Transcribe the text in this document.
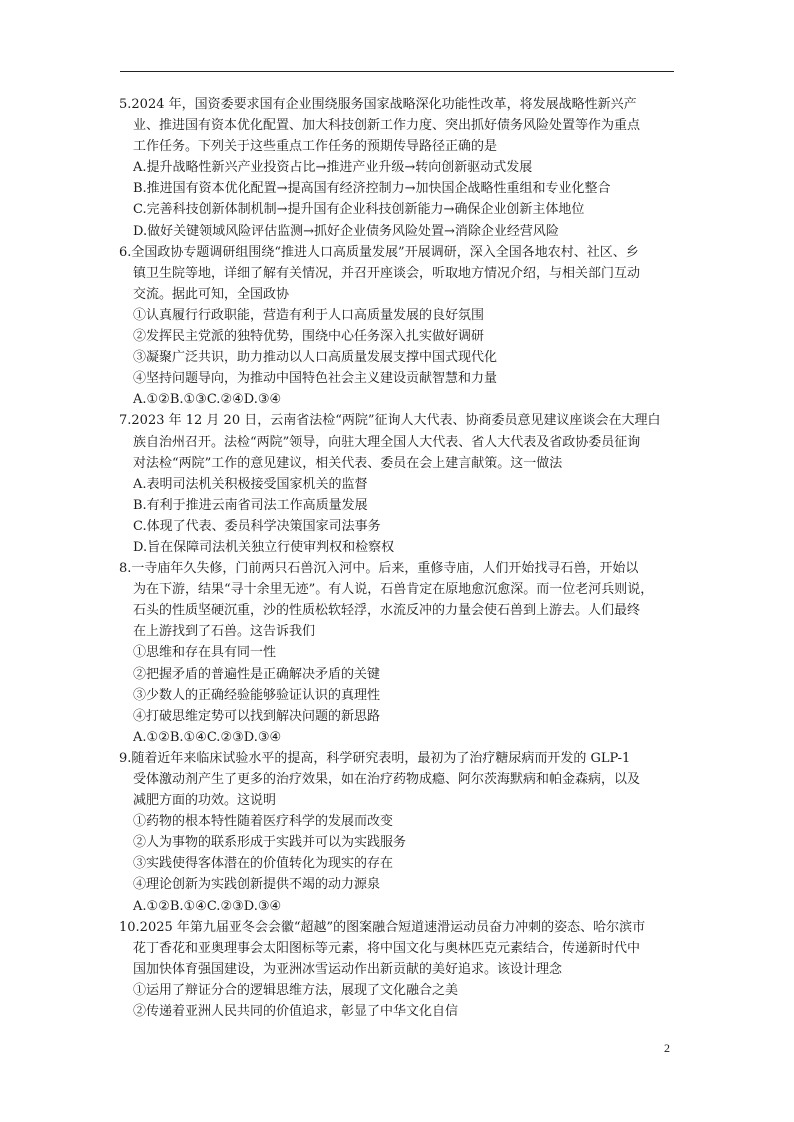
5.2024 年，国资委要求国有企业围绕服务国家战略深化功能性改革，将发展战略性新兴产
业、推进国有资本优化配置、加大科技创新工作力度、突出抓好债务风险处置等作为重点
工作任务。下列关于这些重点工作任务的预期传导路径正确的是
A.提升战略性新兴产业投资占比→推进产业升级→转向创新驱动式发展
B.推进国有资本优化配置→提高国有经济控制力→加快国企战略性重组和专业化整合
C.完善科技创新体制机制→提升国有企业科技创新能力→确保企业创新主体地位
D.做好关键领域风险评估监测→抓好企业债务风险处置→消除企业经营风险
6.全国政协专题调研组围绕“推进人口高质量发展”开展调研，深入全国各地农村、社区、乡
镇卫生院等地，详细了解有关情况，并召开座谈会，听取地方情况介绍，与相关部门互动
交流。据此可知，全国政协
①认真履行行政职能，营造有利于人口高质量发展的良好氛围
②发挥民主党派的独特优势，围绕中心任务深入扎实做好调研
③凝聚广泛共识，助力推动以人口高质量发展支撑中国式现代化
④坚持问题导向，为推动中国特色社会主义建设贡献智慧和力量
A.①②B.①③C.②④D.③④
7.2023 年 12 月 20 日，云南省法检“两院”征询人大代表、协商委员意见建议座谈会在大理白
族自治州召开。法检“两院”领导，向驻大理全国人大代表、省人大代表及省政协委员征询
对法检“两院”工作的意见建议，相关代表、委员在会上建言献策。这一做法
A.表明司法机关积极接受国家机关的监督
B.有利于推进云南省司法工作高质量发展
C.体现了代表、委员科学决策国家司法事务
D.旨在保障司法机关独立行使审判权和检察权
8.一寺庙年久失修，门前两只石兽沉入河中。后来，重修寺庙，人们开始找寻石兽，开始以
为在下游，结果“寻十余里无迹”。有人说，石兽肯定在原地愈沉愈深。而一位老河兵则说，
石头的性质坚硬沉重，沙的性质松软轻浮，水流反冲的力量会使石兽到上游去。人们最终
在上游找到了石兽。这告诉我们
①思维和存在具有同一性
②把握矛盾的普遍性是正确解决矛盾的关键
③少数人的正确经验能够验证认识的真理性
④打破思维定势可以找到解决问题的新思路
A.①②B.①④C.②③D.③④
9.随着近年来临床试验水平的提高，科学研究表明，最初为了治疗糖尿病而开发的 GLP-1
受体激动剂产生了更多的治疗效果，如在治疗药物成瘾、阿尔茨海默病和帕金森病，以及
减肥方面的功效。这说明
①药物的根本特性随着医疗科学的发展而改变
②人为事物的联系形成于实践并可以为实践服务
③实践使得客体潜在的价值转化为现实的存在
④理论创新为实践创新提供不竭的动力源泉
A.①②B.①④C.②③D.③④
10.2025 年第九届亚冬会会徽“超越”的图案融合短道速滑运动员奋力冲刺的姿态、哈尔滨市
花丁香花和亚奥理事会太阳图标等元素，将中国文化与奥林匹克元素结合，传递新时代中
国加快体育强国建设，为亚洲冰雪运动作出新贡献的美好追求。该设计理念
①运用了辩证分合的逻辑思维方法，展现了文化融合之美
②传递着亚洲人民共同的价值追求，彰显了中华文化自信
2
